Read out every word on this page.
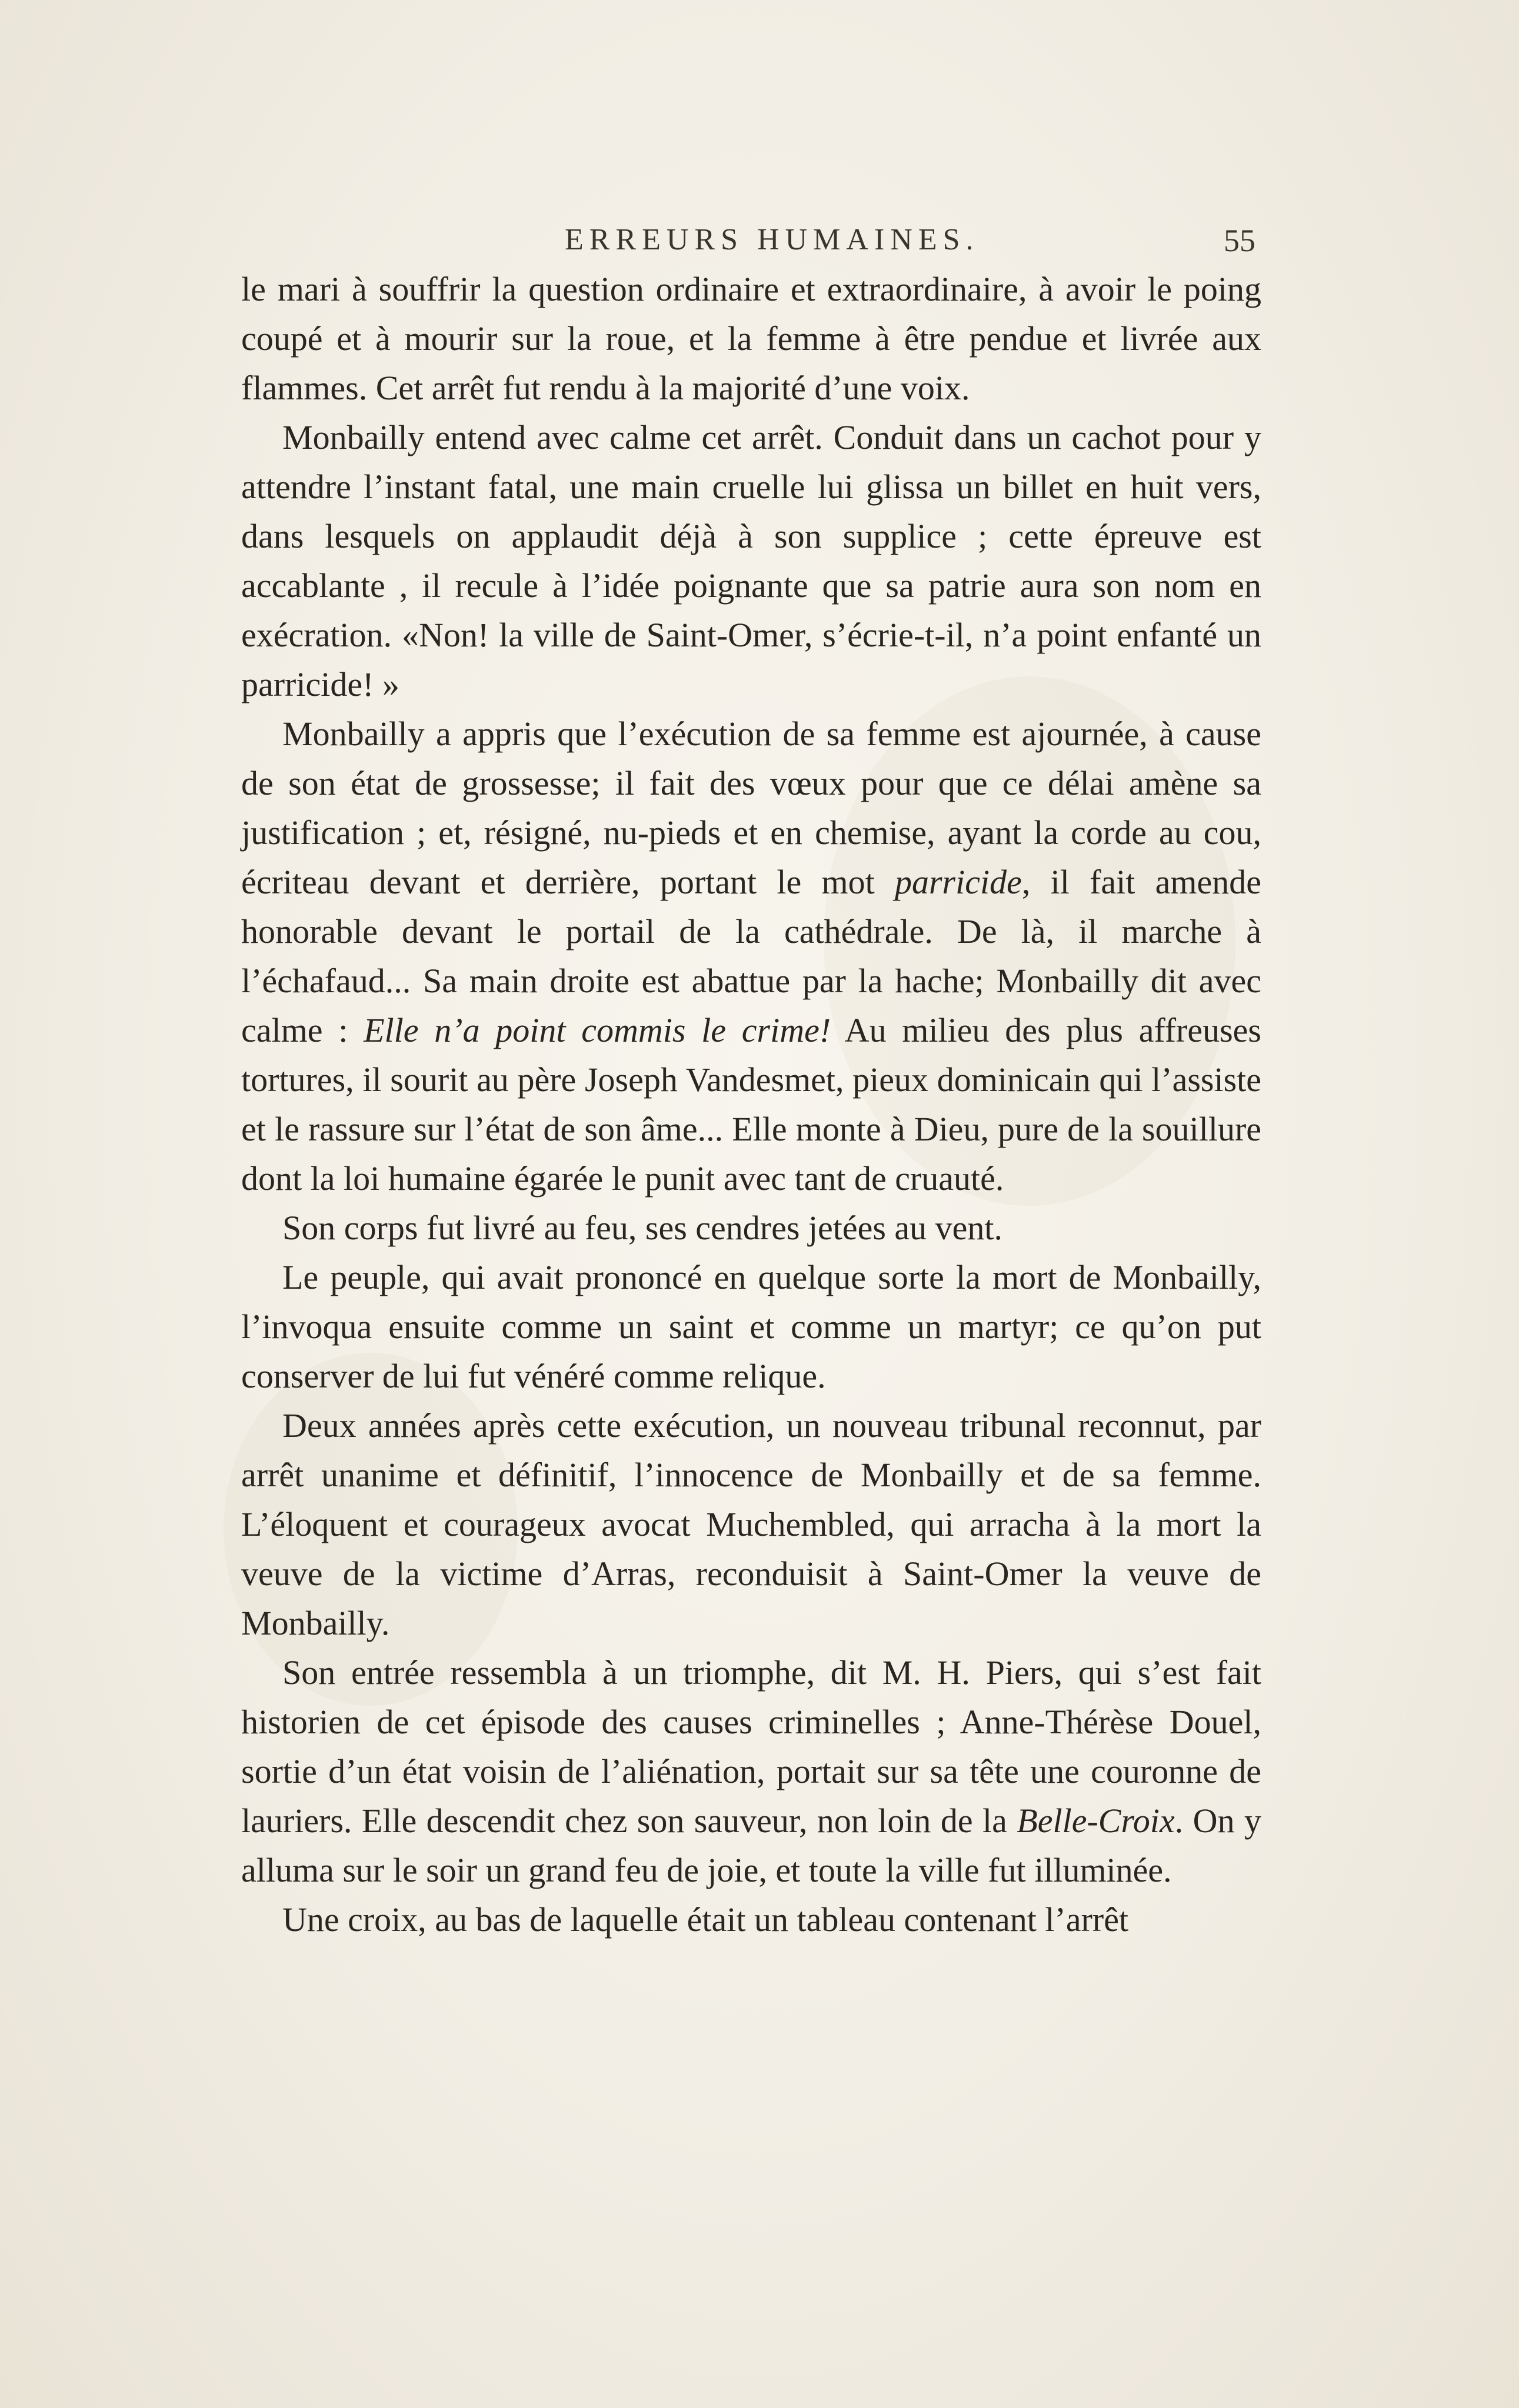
ERREURS HUMAINES.	55

le mari à souffrir la question ordinaire et extraordinaire, à avoir le poing coupé et à mourir sur la roue, et la femme à être pendue et livrée aux flammes. Cet arrêt fut rendu à la majorité d’une voix.

Monbailly entend avec calme cet arrêt. Conduit dans un cachot pour y attendre l’instant fatal, une main cruelle lui glissa un billet en huit vers, dans lesquels on applaudit déjà à son supplice ; cette épreuve est accablante , il recule à l’idée poignante que sa patrie aura son nom en exécration. «Non! la ville de Saint-Omer, s’écrie-t-il, n’a point enfanté un parricide! »

Monbailly a appris que l’exécution de sa femme est ajournée, à cause de son état de grossesse; il fait des vœux pour que ce délai amène sa justification ; et, résigné, nu-pieds et en chemise, ayant la corde au cou, écriteau devant et derrière, portant le mot parricide, il fait amende honorable devant le portail de la cathédrale. De là, il marche à l’échafaud... Sa main droite est abattue par la hache; Monbailly dit avec calme : Elle n’a point commis le crime! Au milieu des plus affreuses tortures, il sourit au père Joseph Vandesmet, pieux dominicain qui l’assiste et le rassure sur l’état de son âme... Elle monte à Dieu, pure de la souillure dont la loi humaine égarée le punit avec tant de cruauté.

Son corps fut livré au feu, ses cendres jetées au vent.

Le peuple, qui avait prononcé en quelque sorte la mort de Monbailly, l’invoqua ensuite comme un saint et comme un martyr; ce qu’on put conserver de lui fut vénéré comme relique.

Deux années après cette exécution, un nouveau tribunal reconnut, par arrêt unanime et définitif, l’innocence de Monbailly et de sa femme. L’éloquent et courageux avocat Muchembled, qui arracha à la mort la veuve de la victime d’Arras, reconduisit à Saint-Omer la veuve de Monbailly.

Son entrée ressembla à un triomphe, dit M. H. Piers, qui s’est fait historien de cet épisode des causes criminelles ; Anne-Thérèse Douel, sortie d’un état voisin de l’aliénation, portait sur sa tête une couronne de lauriers. Elle descendit chez son sauveur, non loin de la Belle-Croix. On y alluma sur le soir un grand feu de joie, et toute la ville fut illuminée.

Une croix, au bas de laquelle était un tableau contenant l’arrêt
